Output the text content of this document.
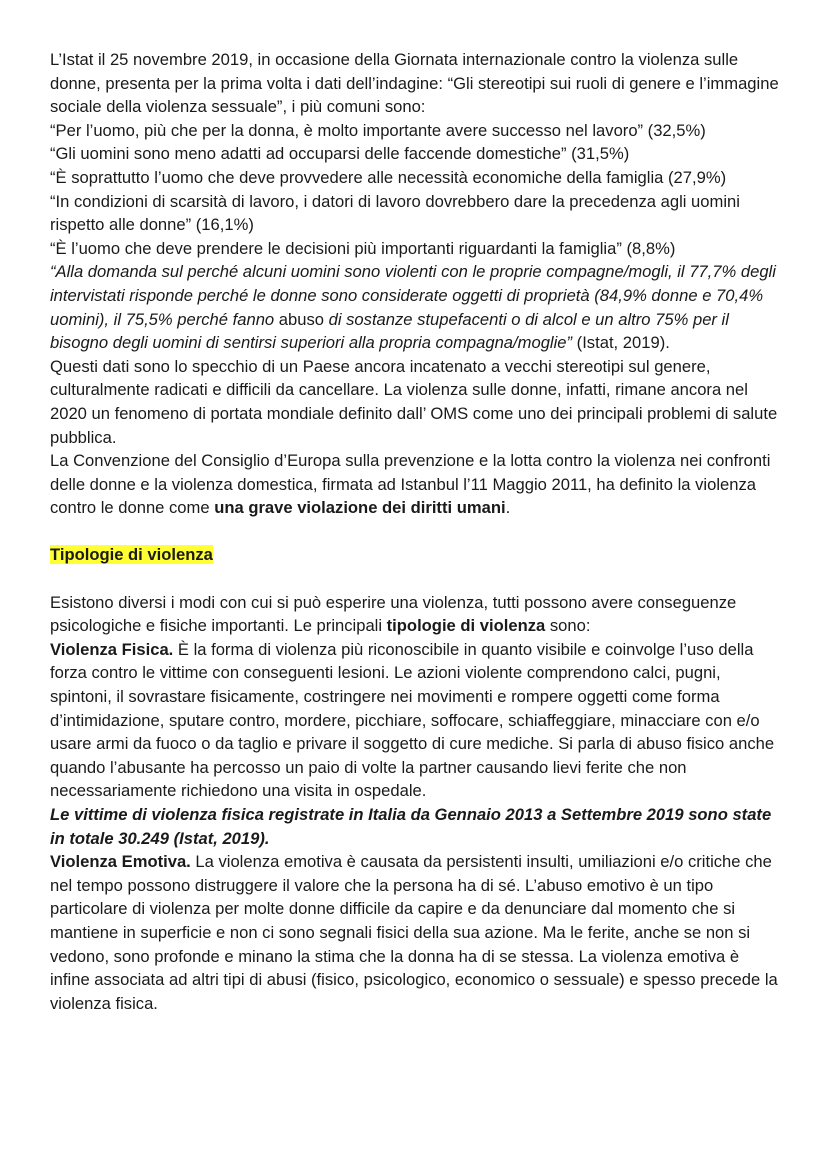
L’Istat il 25 novembre 2019, in occasione della Giornata internazionale contro la violenza sulle donne, presenta per la prima volta i dati dell’indagine: “Gli stereotipi sui ruoli di genere e l’immagine sociale della violenza sessuale”, i più comuni sono:

“Per l’uomo, più che per la donna, è molto importante avere successo nel lavoro” (32,5%)

“Gli uomini sono meno adatti ad occuparsi delle faccende domestiche” (31,5%)

“È soprattutto l’uomo che deve provvedere alle necessità economiche della famiglia (27,9%)

“In condizioni di scarsità di lavoro, i datori di lavoro dovrebbero dare la precedenza agli uomini rispetto alle donne” (16,1%)

“È l’uomo che deve prendere le decisioni più importanti riguardanti la famiglia” (8,8%)

“Alla domanda sul perché alcuni uomini sono violenti con le proprie compagne/mogli, il 77,7% degli intervistati risponde perché le donne sono considerate oggetti di proprietà (84,9% donne e 70,4% uomini), il 75,5% perché fanno abuso di sostanze stupefacenti o di alcol e un altro 75% per il bisogno degli uomini di sentirsi superiori alla propria compagna/moglie” (Istat, 2019).

Questi dati sono lo specchio di un Paese ancora incatenato a vecchi stereotipi sul genere, culturalmente radicati e difficili da cancellare. La violenza sulle donne, infatti, rimane ancora nel 2020 un fenomeno di portata mondiale definito dall’ OMS come uno dei principali problemi di salute pubblica.

La Convenzione del Consiglio d’Europa sulla prevenzione e la lotta contro la violenza nei confronti delle donne e la violenza domestica, firmata ad Istanbul l’11 Maggio 2011, ha definito la violenza contro le donne come una grave violazione dei diritti umani.

Tipologie di violenza

Esistono diversi i modi con cui si può esperire una violenza, tutti possono avere conseguenze psicologiche e fisiche importanti. Le principali tipologie di violenza sono:

Violenza Fisica. È la forma di violenza più riconoscibile in quanto visibile e coinvolge l’uso della forza contro le vittime con conseguenti lesioni. Le azioni violente comprendono calci, pugni, spintoni, il sovrastare fisicamente, costringere nei movimenti e rompere oggetti come forma d’intimidazione, sputare contro, mordere, picchiare, soffocare, schiaffeggiare, minacciare con e/o usare armi da fuoco o da taglio e privare il soggetto di cure mediche. Si parla di abuso fisico anche quando l’abusante ha percosso un paio di volte la partner causando lievi ferite che non necessariamente richiedono una visita in ospedale.

Le vittime di violenza fisica registrate in Italia da Gennaio 2013 a Settembre 2019 sono state in totale 30.249 (Istat, 2019).

Violenza Emotiva. La violenza emotiva è causata da persistenti insulti, umiliazioni e/o critiche che nel tempo possono distruggere il valore che la persona ha di sé. L’abuso emotivo è un tipo particolare di violenza per molte donne difficile da capire e da denunciare dal momento che si mantiene in superficie e non ci sono segnali fisici della sua azione. Ma le ferite, anche se non si vedono, sono profonde e minano la stima che la donna ha di se stessa. La violenza emotiva è infine associata ad altri tipi di abusi (fisico, psicologico, economico o sessuale) e spesso precede la violenza fisica.
